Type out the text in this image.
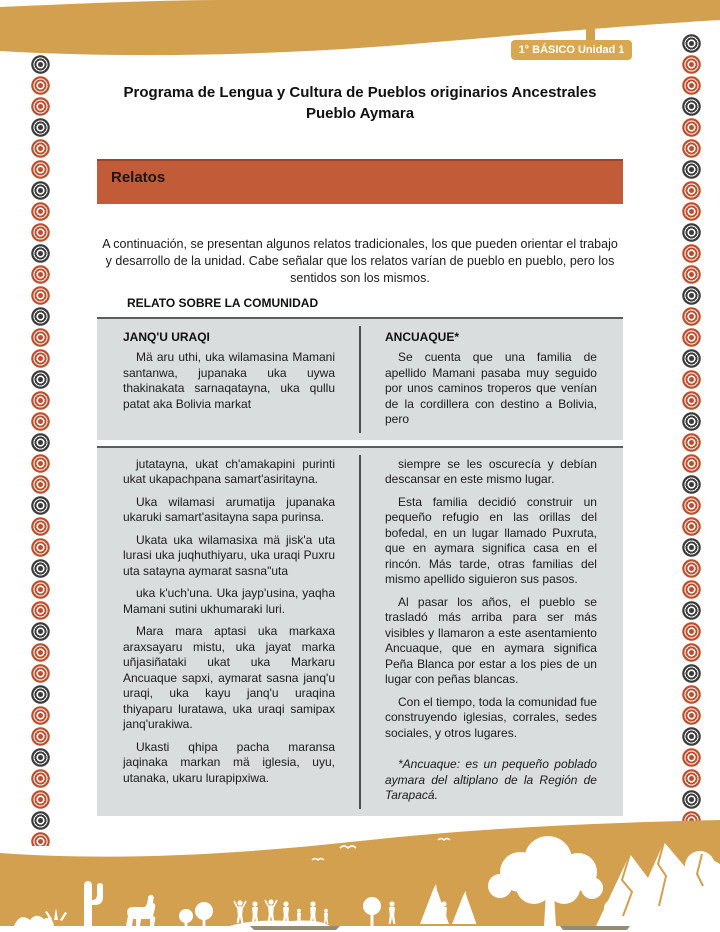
1° BÁSICO Unidad 1
Programa de Lengua y Cultura de Pueblos originarios Ancestrales
Pueblo Aymara
Relatos

A continuación, se presentan algunos relatos tradicionales, los que pueden orientar el trabajo y desarrollo de la unidad. Cabe señalar que los relatos varían de pueblo en pueblo, pero los sentidos son los mismos.

RELATO SOBRE LA COMUNIDAD
JANQ'U URAQI

Mä aru uthi, uka wilamasina Mamani santanwa, jupanaka uka uywa thakinakata sarnaqatayna, uka qullu patat aka Bolivia markat

ANCUAQUE*

Se cuenta que una familia de apellido Mamani pasaba muy seguido por unos caminos troperos que venían de la cordillera con destino a Bolivia, pero

jutatayna, ukat ch'amakapini purinti ukat ukapachpana samart'asiritayna.

Uka wilamasi arumatija jupanaka ukaruki samart'asitayna sapa purinsa.

Ukata uka wilamasixa mä jisk'a uta lurasi uka juqhuthiyaru, uka uraqi Puxru uta satayna aymarat sasna"uta

uka k'uch'una. Uka jayp'usina, yaqha Mamani sutini ukhumaraki luri.

Mara mara aptasi uka markaxa araxsayaru mistu, uka jayat marka uñjasiñataki ukat uka Markaru Ancuaque sapxi, aymarat sasna janq'u uraqi, uka kayu janq'u uraqina thiyaparu luratawa, uka uraqi samipax janq'urakiwa.

Ukasti qhipa pacha maransa jaqinaka markan mä iglesia, uyu, utanaka, ukaru lurapipxiwa.

siempre se les oscurecía y debían descansar en este mismo lugar.

Esta familia decidió construir un pequeño refugio en las orillas del bofedal, en un lugar llamado Puxruta, que en aymara significa casa en el rincón. Más tarde, otras familias del mismo apellido siguieron sus pasos.

Al pasar los años, el pueblo se trasladó más arriba para ser más visibles y llamaron a este asentamiento Ancuaque, que en aymara significa Peña Blanca por estar a los pies de un lugar con peñas blancas.

Con el tiempo, toda la comunidad fue construyendo iglesias, corrales, sedes sociales, y otros lugares.

*Ancuaque: es un pequeño poblado aymara del altiplano de la Región de Tarapacá.
